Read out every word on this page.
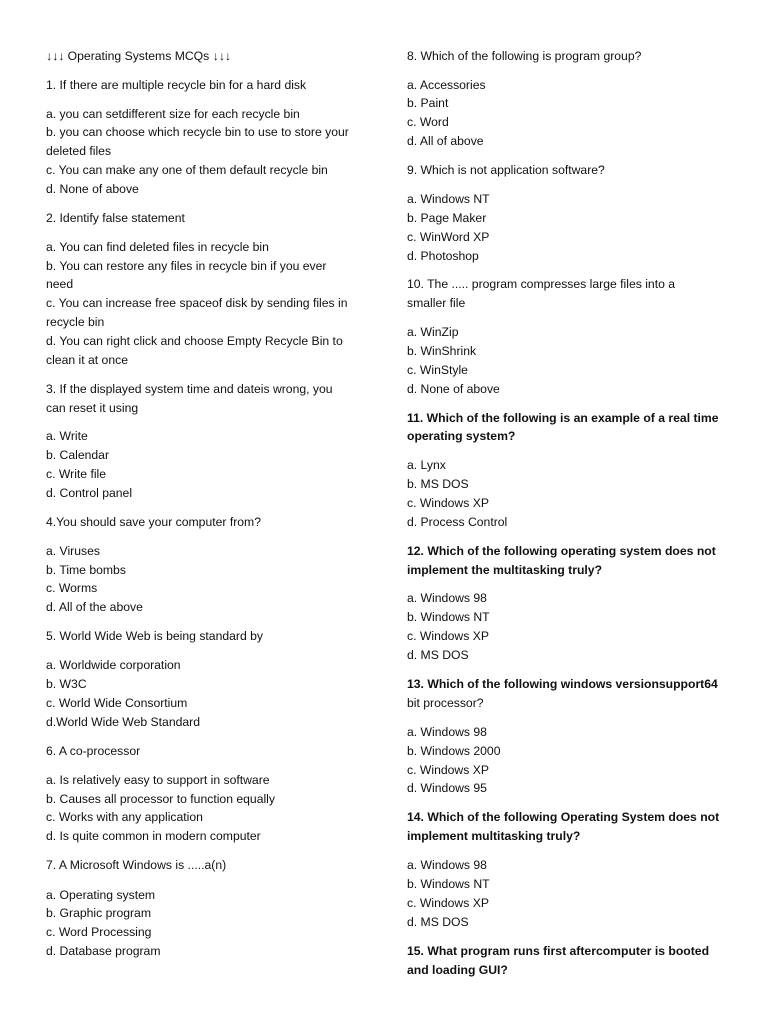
↓↓↓ Operating Systems MCQs ↓↓↓
1. If there are multiple recycle bin for a hard disk
a. you can setdifferent size for each recycle bin
b. you can choose which recycle bin to use to store your
deleted files
c. You can make any one of them default recycle bin
d. None of above
2. Identify false statement
a. You can find deleted files in recycle bin
b. You can restore any files in recycle bin if you ever
need
c. You can increase free spaceof disk by sending files in
recycle bin
d. You can right click and choose Empty Recycle Bin to
clean it at once
3. If the displayed system time and dateis wrong, you
can reset it using
a. Write
b. Calendar
c. Write file
d. Control panel
4.You should save your computer from?
a. Viruses
b. Time bombs
c. Worms
d. All of the above
5. World Wide Web is being standard by
a. Worldwide corporation
b. W3C
c. World Wide Consortium
d.World Wide Web Standard
6. A co-processor
a. Is relatively easy to support in software
b. Causes all processor to function equally
c. Works with any application
d. Is quite common in modern computer
7. A Microsoft Windows is .....a(n)
a. Operating system
b. Graphic program
c. Word Processing
d. Database program
8. Which of the following is program group?
a. Accessories
b. Paint
c. Word
d. All of above
9. Which is not application software?
a. Windows NT
b. Page Maker
c. WinWord XP
d. Photoshop
10. The ..... program compresses large files into a
smaller file
a. WinZip
b. WinShrink
c. WinStyle
d. None of above
11. Which of the following is an example of a real time
operating system?
a. Lynx
b. MS DOS
c. Windows XP
d. Process Control
12. Which of the following operating system does not
implement the multitasking truly?
a. Windows 98
b. Windows NT
c. Windows XP
d. MS DOS
13. Which of the following windows versionsupport64
bit processor?
a. Windows 98
b. Windows 2000
c. Windows XP
d. Windows 95
14. Which of the following Operating System does not
implement multitasking truly?
a. Windows 98
b. Windows NT
c. Windows XP
d. MS DOS
15. What program runs first aftercomputer is booted
and loading GUI?
